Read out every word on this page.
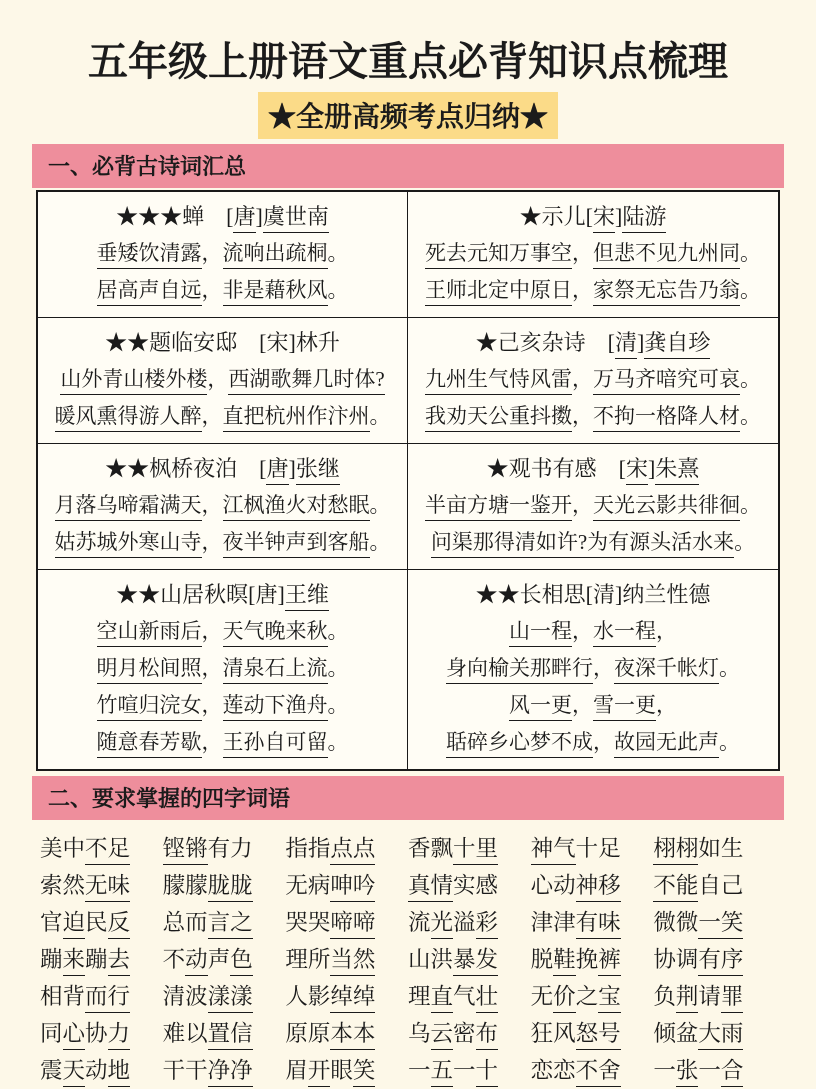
五年级上册语文重点必背知识点梳理
★全册高频考点归纳★
一、必背古诗词汇总
★★★蝉　[唐]虞世南
垂矮饮清露，流响出疏桐。
居高声自远，非是藉秋风。
★示儿[宋]陆游
死去元知万事空，但悲不见九州同。
王师北定中原日，家祭无忘告乃翁。
★★题临安邸　[宋]林升
山外青山楼外楼，西湖歌舞几时体?
暖风熏得游人醉，直把杭州作汴州。
★己亥杂诗　[清]龚自珍
九州生气恃风雷，万马齐喑究可哀。
我劝天公重抖擞，不拘一格降人材。
★★枫桥夜泊　[唐]张继
月落乌啼霜满天，江枫渔火对愁眠。
姑苏城外寒山寺，夜半钟声到客船。
★观书有感　[宋]朱熹
半亩方塘一鉴开，天光云影共徘徊。
问渠那得清如许?为有源头活水来。
★★山居秋暝[唐]王维
空山新雨后，天气晚来秋。
明月松间照，清泉石上流。
竹喧归浣女，莲动下渔舟。
随意春芳歇，王孙自可留。
★★长相思[清]纳兰性德
山一程，水一程，
身向榆关那畔行，夜深千帐灯。
风一更，雪一更，
聒碎乡心梦不成，故园无此声。
二、要求掌握的四字词语
美中不足 铿锵有力 指指点点 香飘十里 神气十足 栩栩如生
索然无味 朦朦胧胧 无病呻吟 真情实感 心动神移 不能自己
官迫民反 总而言之 哭哭啼啼 流光溢彩 津津有味 微微一笑
蹦来蹦去 不动声色 理所当然 山洪暴发 脱鞋挽裤 协调有序
相背而行 清波漾漾 人影绰绰 理直气壮 无价之宝 负荆请罪
同心协力 难以置信 原原本本 乌云密布 狂风怒号 倾盆大雨
震天动地 干干净净 眉开眼笑 一五一十 恋恋不舍 一张一合
